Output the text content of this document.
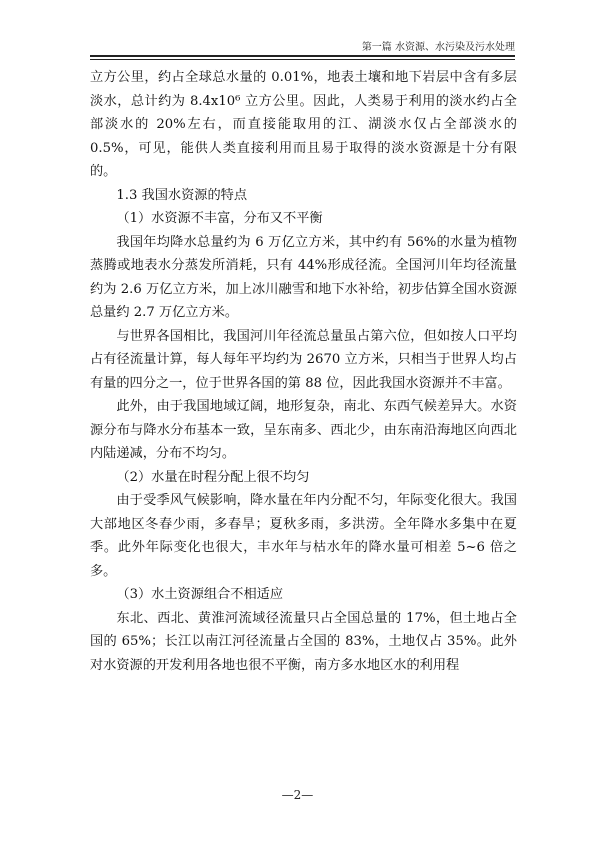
第一篇 水资源、水污染及污水处理

立方公里，约占全球总水量的 0.01%，地表土壤和地下岩层中含有多层淡水，总计约为 8.4x10⁶ 立方公里。因此，人类易于利用的淡水约占全部淡水的 20%左右，而直接能取用的江、湖淡水仅占全部淡水的 0.5%，可见，能供人类直接利用而且易于取得的淡水资源是十分有限的。

1.3 我国水资源的特点

（1）水资源不丰富，分布又不平衡

我国年均降水总量约为 6 万亿立方米，其中约有 56%的水量为植物蒸腾或地表水分蒸发所消耗，只有 44%形成径流。全国河川年均径流量约为 2.6 万亿立方米，加上冰川融雪和地下水补给，初步估算全国水资源总量约 2.7 万亿立方米。

与世界各国相比，我国河川年径流总量虽占第六位，但如按人口平均占有径流量计算，每人每年平均约为 2670 立方米，只相当于世界人均占有量的四分之一，位于世界各国的第 88 位，因此我国水资源并不丰富。

此外，由于我国地域辽阔，地形复杂，南北、东西气候差异大。水资源分布与降水分布基本一致，呈东南多、西北少，由东南沿海地区向西北内陆递减，分布不均匀。

（2）水量在时程分配上很不均匀

由于受季风气候影响，降水量在年内分配不匀，年际变化很大。我国大部地区冬春少雨，多春旱；夏秋多雨，多洪涝。全年降水多集中在夏季。此外年际变化也很大，丰水年与枯水年的降水量可相差 5~6 倍之多。

（3）水土资源组合不相适应

东北、西北、黄淮河流域径流量只占全国总量的 17%，但土地占全国的 65%；长江以南江河径流量占全国的 83%，土地仅占 35%。此外对水资源的开发利用各地也很不平衡，南方多水地区水的利用程

—2—
